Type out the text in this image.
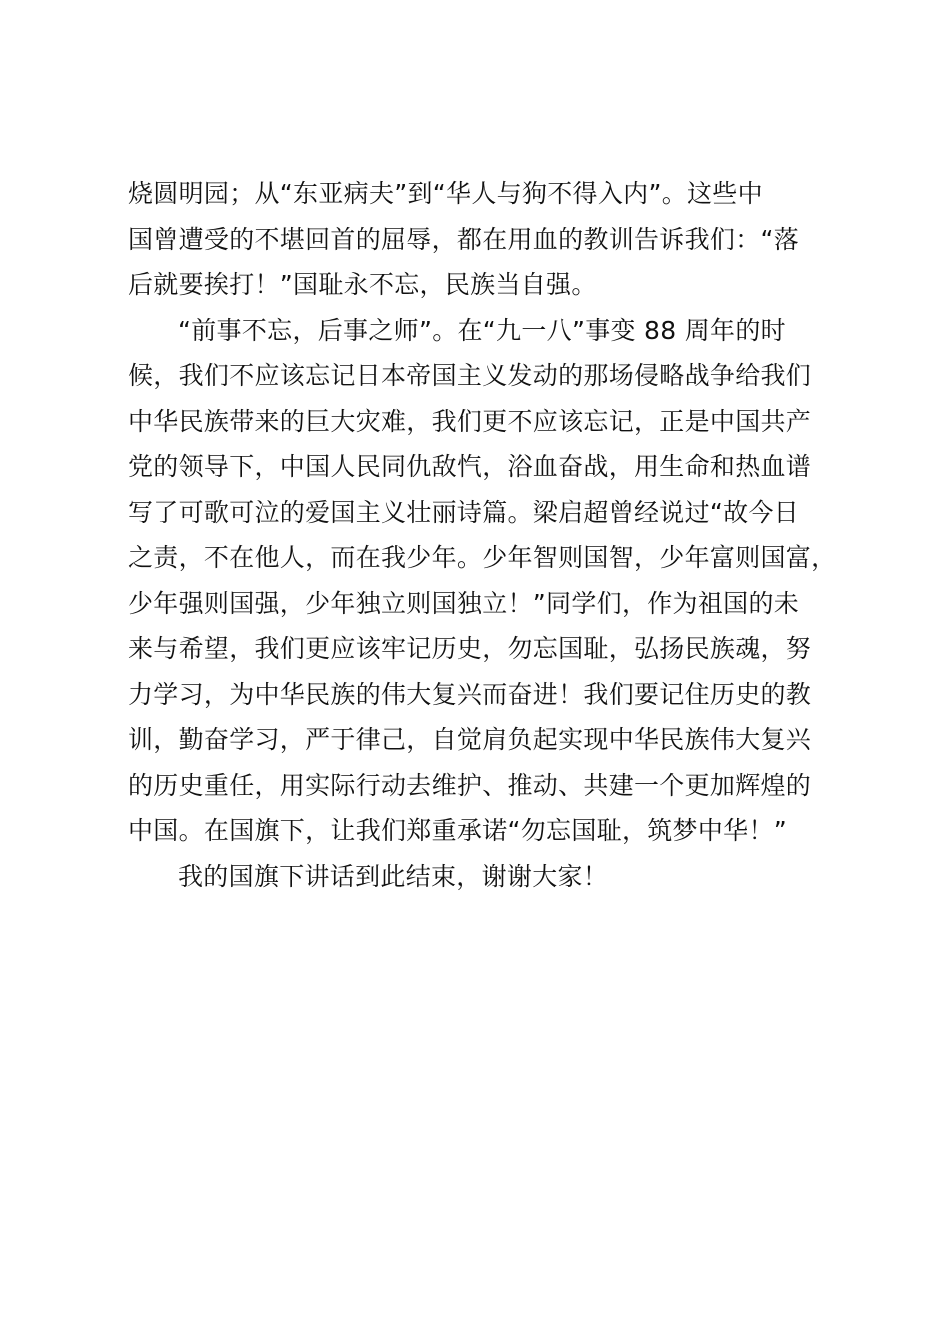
烧圆明园；从“东亚病夫”到“华人与狗不得入内”。这些中
国曾遭受的不堪回首的屈辱，都在用血的教训告诉我们：“落
后就要挨打！”国耻永不忘，民族当自强。

“前事不忘，后事之师”。在“九一八”事变 88 周年的时
候，我们不应该忘记日本帝国主义发动的那场侵略战争给我们
中华民族带来的巨大灾难，我们更不应该忘记，正是中国共产
党的领导下，中国人民同仇敌忾，浴血奋战，用生命和热血谱
写了可歌可泣的爱国主义壮丽诗篇。梁启超曾经说过“故今日
之责，不在他人，而在我少年。少年智则国智，少年富则国富，
少年强则国强，少年独立则国独立！”同学们，作为祖国的未
来与希望，我们更应该牢记历史，勿忘国耻，弘扬民族魂，努
力学习，为中华民族的伟大复兴而奋进！我们要记住历史的教
训，勤奋学习，严于律己，自觉肩负起实现中华民族伟大复兴
的历史重任，用实际行动去维护、推动、共建一个更加辉煌的
中国。在国旗下，让我们郑重承诺“勿忘国耻，筑梦中华！”

我的国旗下讲话到此结束，谢谢大家！
